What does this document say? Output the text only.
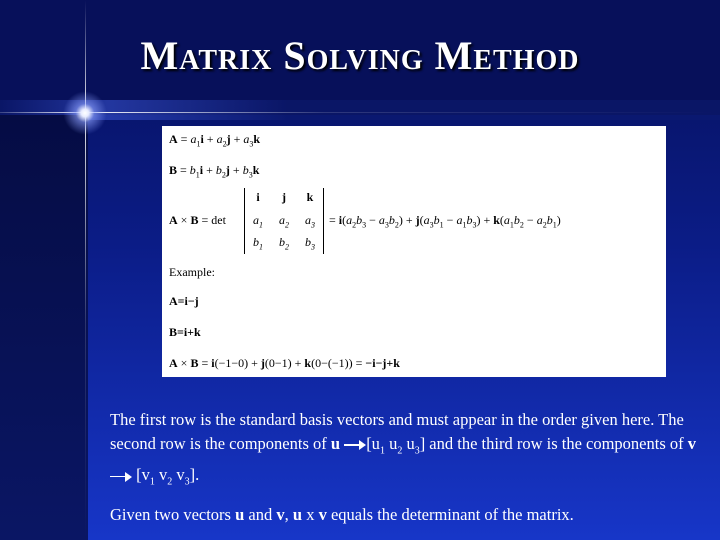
Matrix Solving Method
$A = a_1i + a_2j + a_3k$
$B = b_1i + b_2j + b_3k$
A × B = det
i	j	k
$a_1$	$a_2$	$a_3$
$b_1$	$b_2$	$b_3$
= $i(a_2b_3 - a_3b_2) + j(a_3b_1 - a_1b_3) + k(a_1b_2 - a_2b_1)$
Example:
A=i−j
B=i+k
A × B = i(−1−0) + j(0−1) + k(0−(−1)) = −i−j+k

The first row is the standard basis vectors and must appear in the order given here. The second row is the components of u [$u_1$ $u_2$ $u_3$] and the third row is the components of v [$v_1$ $v_2$ $v_3$].

Given two vectors u and v, u x v equals the determinant of the matrix.
